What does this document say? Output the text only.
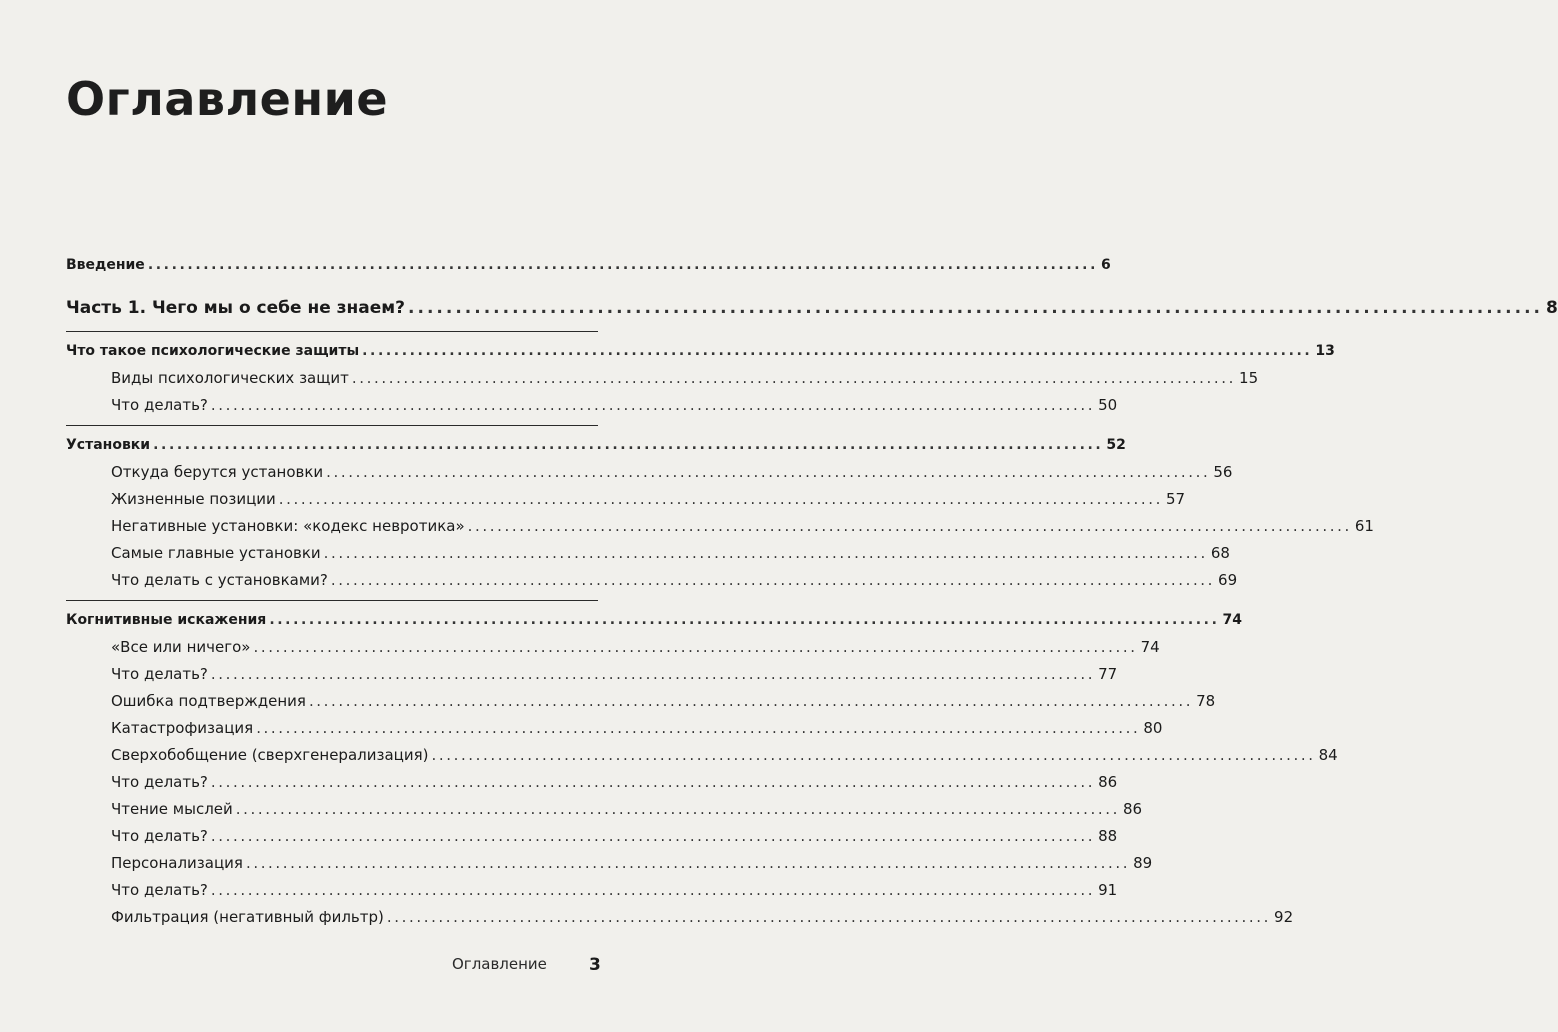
Оглавление
Введение ........................................................................................................................ 6
Часть 1. Чего мы о себе не знаем? ........................................................................................................................ 8
Что такое психологические защиты ........................................................................................................................ 13
Виды психологических защит ........................................................................................................................ 15
Что делать? ........................................................................................................................ 50
Установки ........................................................................................................................ 52
Откуда берутся установки ........................................................................................................................ 56
Жизненные позиции ........................................................................................................................ 57
Негативные установки: «кодекс невротика» ........................................................................................................................ 61
Самые главные установки ........................................................................................................................ 68
Что делать с установками? ........................................................................................................................ 69
Когнитивные искажения ........................................................................................................................ 74
«Все или ничего» ........................................................................................................................ 74
Что делать? ........................................................................................................................ 77
Ошибка подтверждения ........................................................................................................................ 78
Катастрофизация ........................................................................................................................ 80
Сверхобобщение (сверхгенерализация) ........................................................................................................................ 84
Что делать? ........................................................................................................................ 86
Чтение мыслей ........................................................................................................................ 86
Что делать? ........................................................................................................................ 88
Персонализация ........................................................................................................................ 89
Что делать? ........................................................................................................................ 91
Фильтрация (негативный фильтр) ........................................................................................................................ 92
Оглавление 3
